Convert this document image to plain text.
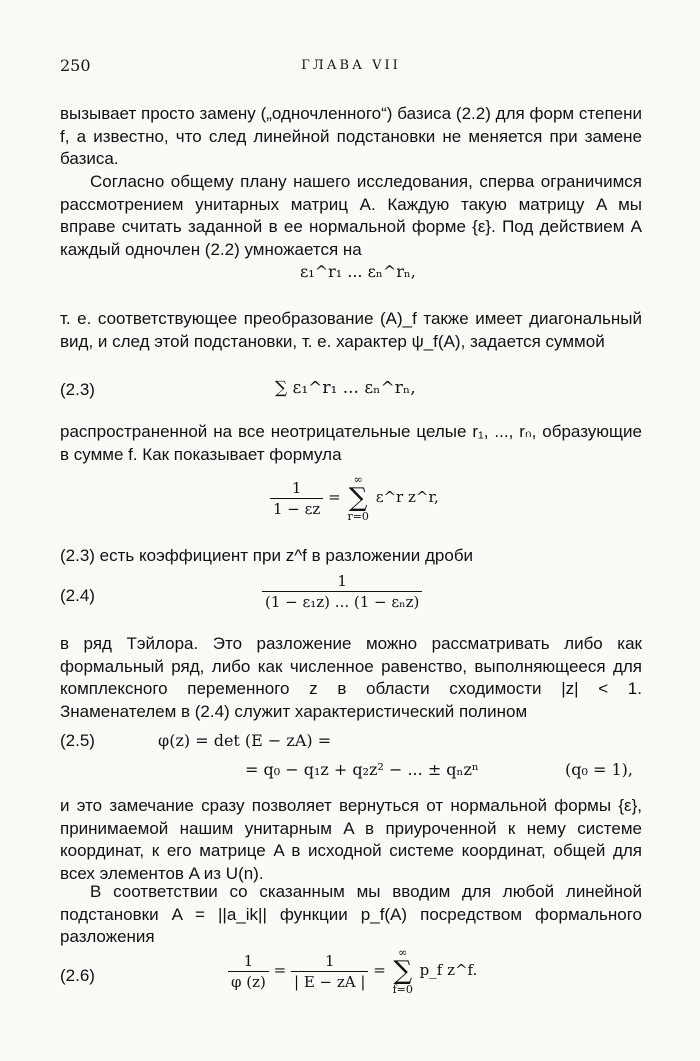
250	ГЛАВА VII

вызывает просто замену („одночленного“) базиса (2.2) для форм степени f, а известно, что след линейной подстановки не меняется при замене базиса.

Согласно общему плану нашего исследования, сперва ограничимся рассмотрением унитарных матриц A. Каждую такую матрицу A мы вправе считать заданной в ее нормальной форме {ε}. Под действием A каждый одночлен (2.2) умножается на

ε₁^r₁ ... εₙ^rₙ,

т. е. соответствующее преобразование (A)_f также имеет диагональный вид, и след этой подстановки, т. е. характер ψ_f(A), задается суммой

(2.3)	∑ ε₁^r₁ ... εₙ^rₙ,

распространенной на все неотрицательные целые r₁, ..., rₙ, образующие в сумме f. Как показывает формула

$\frac{1}{1 - \varepsilon z}$ =
∞
∑
r=0
ε^r z^r,

(2.3) есть коэффициент при z^f в разложении дроби

(2.4)	$\frac{1}{\text{(1 − ε₁z) ... (1 − εₙz)}}$

в ряд Тэйлора. Это разложение можно рассматривать либо как формальный ряд, либо как численное равенство, выполняющееся для комплексного переменного z в области сходимости |z| < 1. Знаменателем в (2.4) служит характеристический полином

(2.5)	φ(z) = det (E − zA) =
= q₀ − q₁z + q₂z² − ... ± qₙzⁿ	(q₀ = 1),

и это замечание сразу позволяет вернуться от нормальной формы {ε}, принимаемой нашим унитарным A в приуроченной к нему системе координат, к его матрице A в исходной системе координат, общей для всех элементов A из U(n).

В соответствии со сказанным мы вводим для любой линейной подстановки A = ||a_ik|| функции p_f(A) посредством формального разложения

(2.6)	$\frac{1}{\varphi (z)} = \frac{1}{| E - zA |}$ =
∞
∑
f=0
p_f z^f.
